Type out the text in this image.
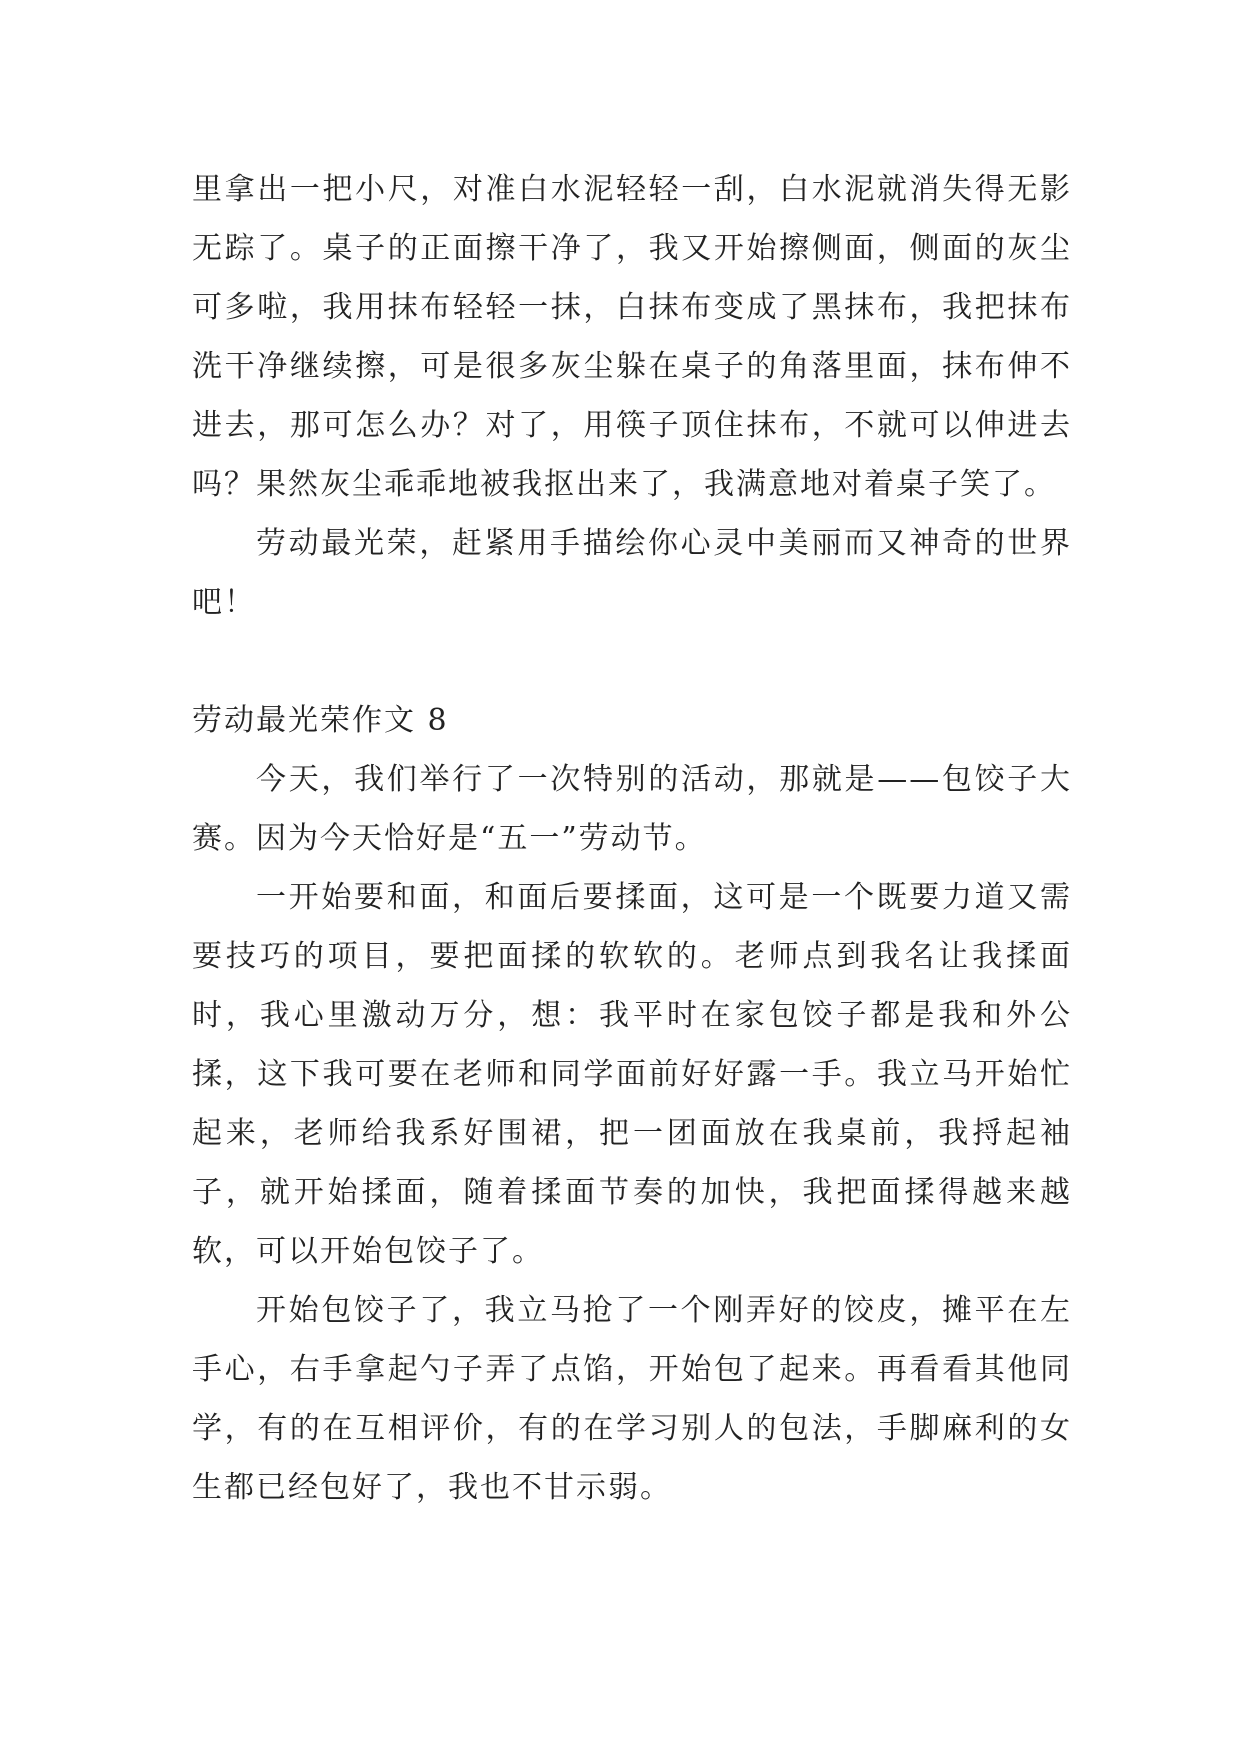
里拿出一把小尺，对准白水泥轻轻一刮，白水泥就消失得无影无踪了。桌子的正面擦干净了，我又开始擦侧面，侧面的灰尘可多啦，我用抹布轻轻一抹，白抹布变成了黑抹布，我把抹布洗干净继续擦，可是很多灰尘躲在桌子的角落里面，抹布伸不进去，那可怎么办？对了，用筷子顶住抹布，不就可以伸进去吗？果然灰尘乖乖地被我抠出来了，我满意地对着桌子笑了。

劳动最光荣，赶紧用手描绘你心灵中美丽而又神奇的世界吧！

劳动最光荣作文 8

今天，我们举行了一次特别的活动，那就是——包饺子大赛。因为今天恰好是“五一”劳动节。

一开始要和面，和面后要揉面，这可是一个既要力道又需要技巧的项目，要把面揉的软软的。老师点到我名让我揉面时，我心里激动万分，想：我平时在家包饺子都是我和外公揉，这下我可要在老师和同学面前好好露一手。我立马开始忙起来，老师给我系好围裙，把一团面放在我桌前，我捋起袖子，就开始揉面，随着揉面节奏的加快，我把面揉得越来越软，可以开始包饺子了。

开始包饺子了，我立马抢了一个刚弄好的饺皮，摊平在左手心，右手拿起勺子弄了点馅，开始包了起来。再看看其他同学，有的在互相评价，有的在学习别人的包法，手脚麻利的女生都已经包好了，我也不甘示弱。
